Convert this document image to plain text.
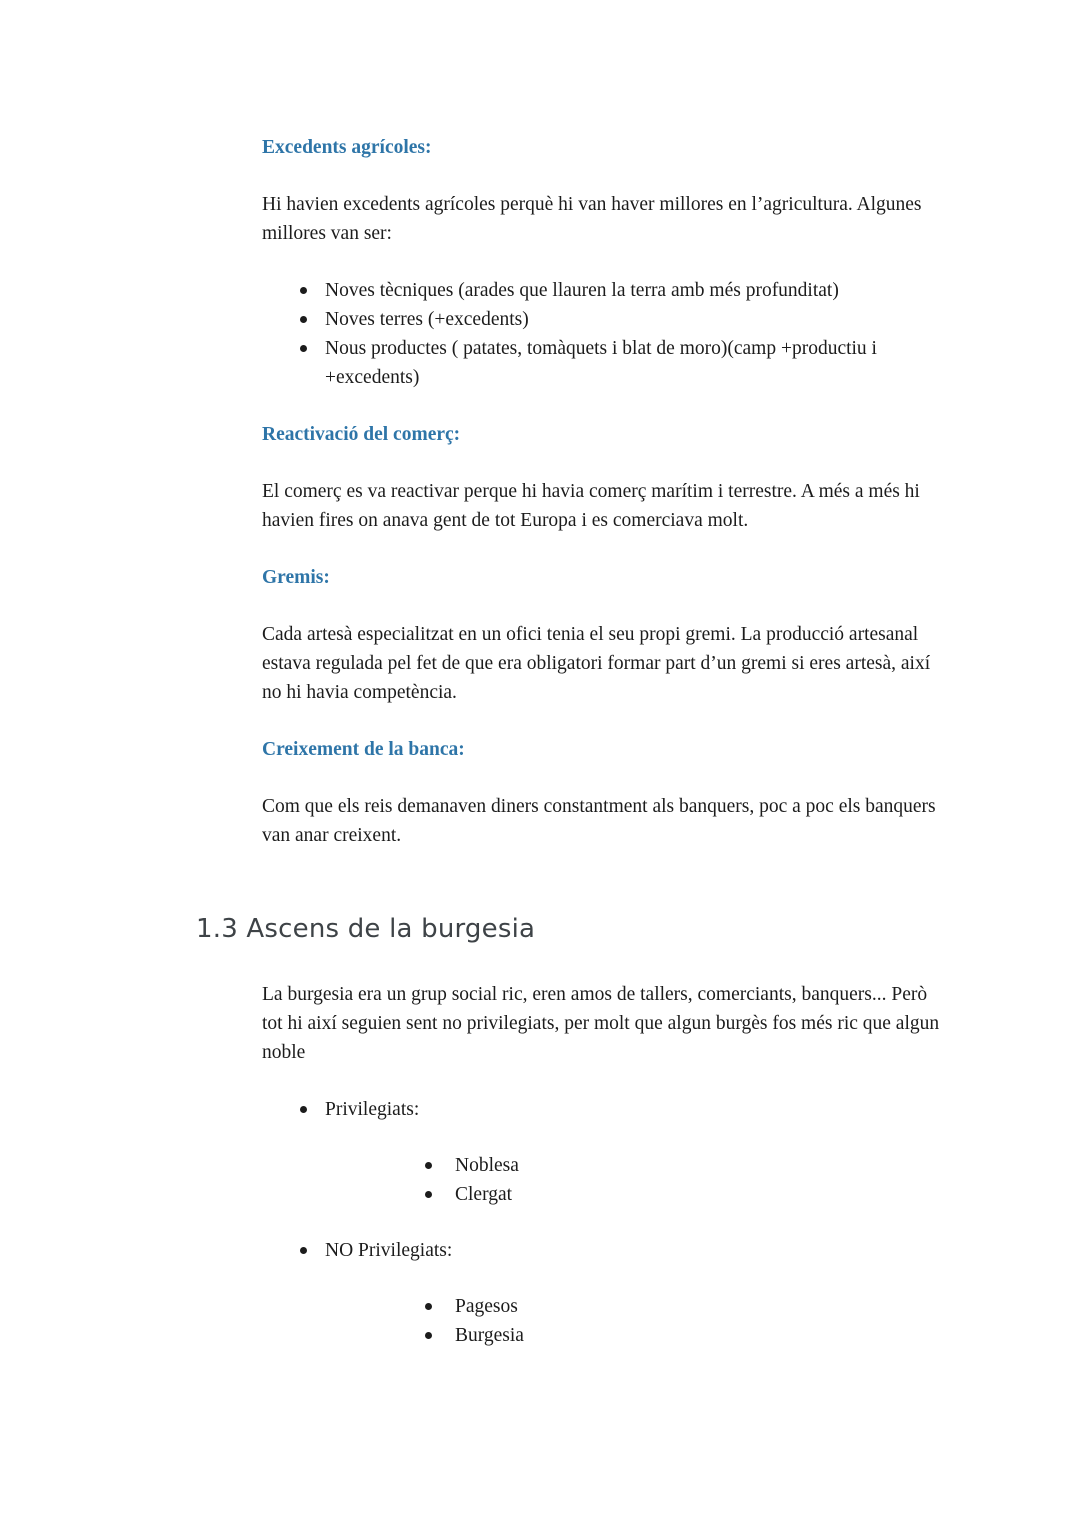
Excedents agrícoles:

Hi havien excedents agrícoles perquè hi van haver millores en l’agricultura. Algunes millores van ser:

Noves tècniques (arades que llauren la terra amb més profunditat)
Noves terres (+excedents)
Nous productes ( patates, tomàquets i blat de moro)(camp +productiu i +excedents)
Reactivació del comerç:

El comerç es va reactivar perque hi havia comerç marítim i terrestre. A més a més hi havien fires on anava gent de tot Europa i es comerciava molt.

Gremis:

Cada artesà especialitzat en un ofici tenia el seu propi gremi. La producció artesanal estava regulada pel fet de que era obligatori formar part d’un gremi si eres artesà, així no hi havia competència.

Creixement de la banca:

Com que els reis demanaven diners constantment als banquers, poc a poc els banquers van anar creixent.

1.3 Ascens de la burgesia

La burgesia era un grup social ric, eren amos de tallers, comerciants, banquers... Però tot hi així seguien sent no privilegiats, per molt que algun burgès fos més ric que algun noble

Privilegiats:
Noblesa
Clergat
NO Privilegiats:
Pagesos
Burgesia
